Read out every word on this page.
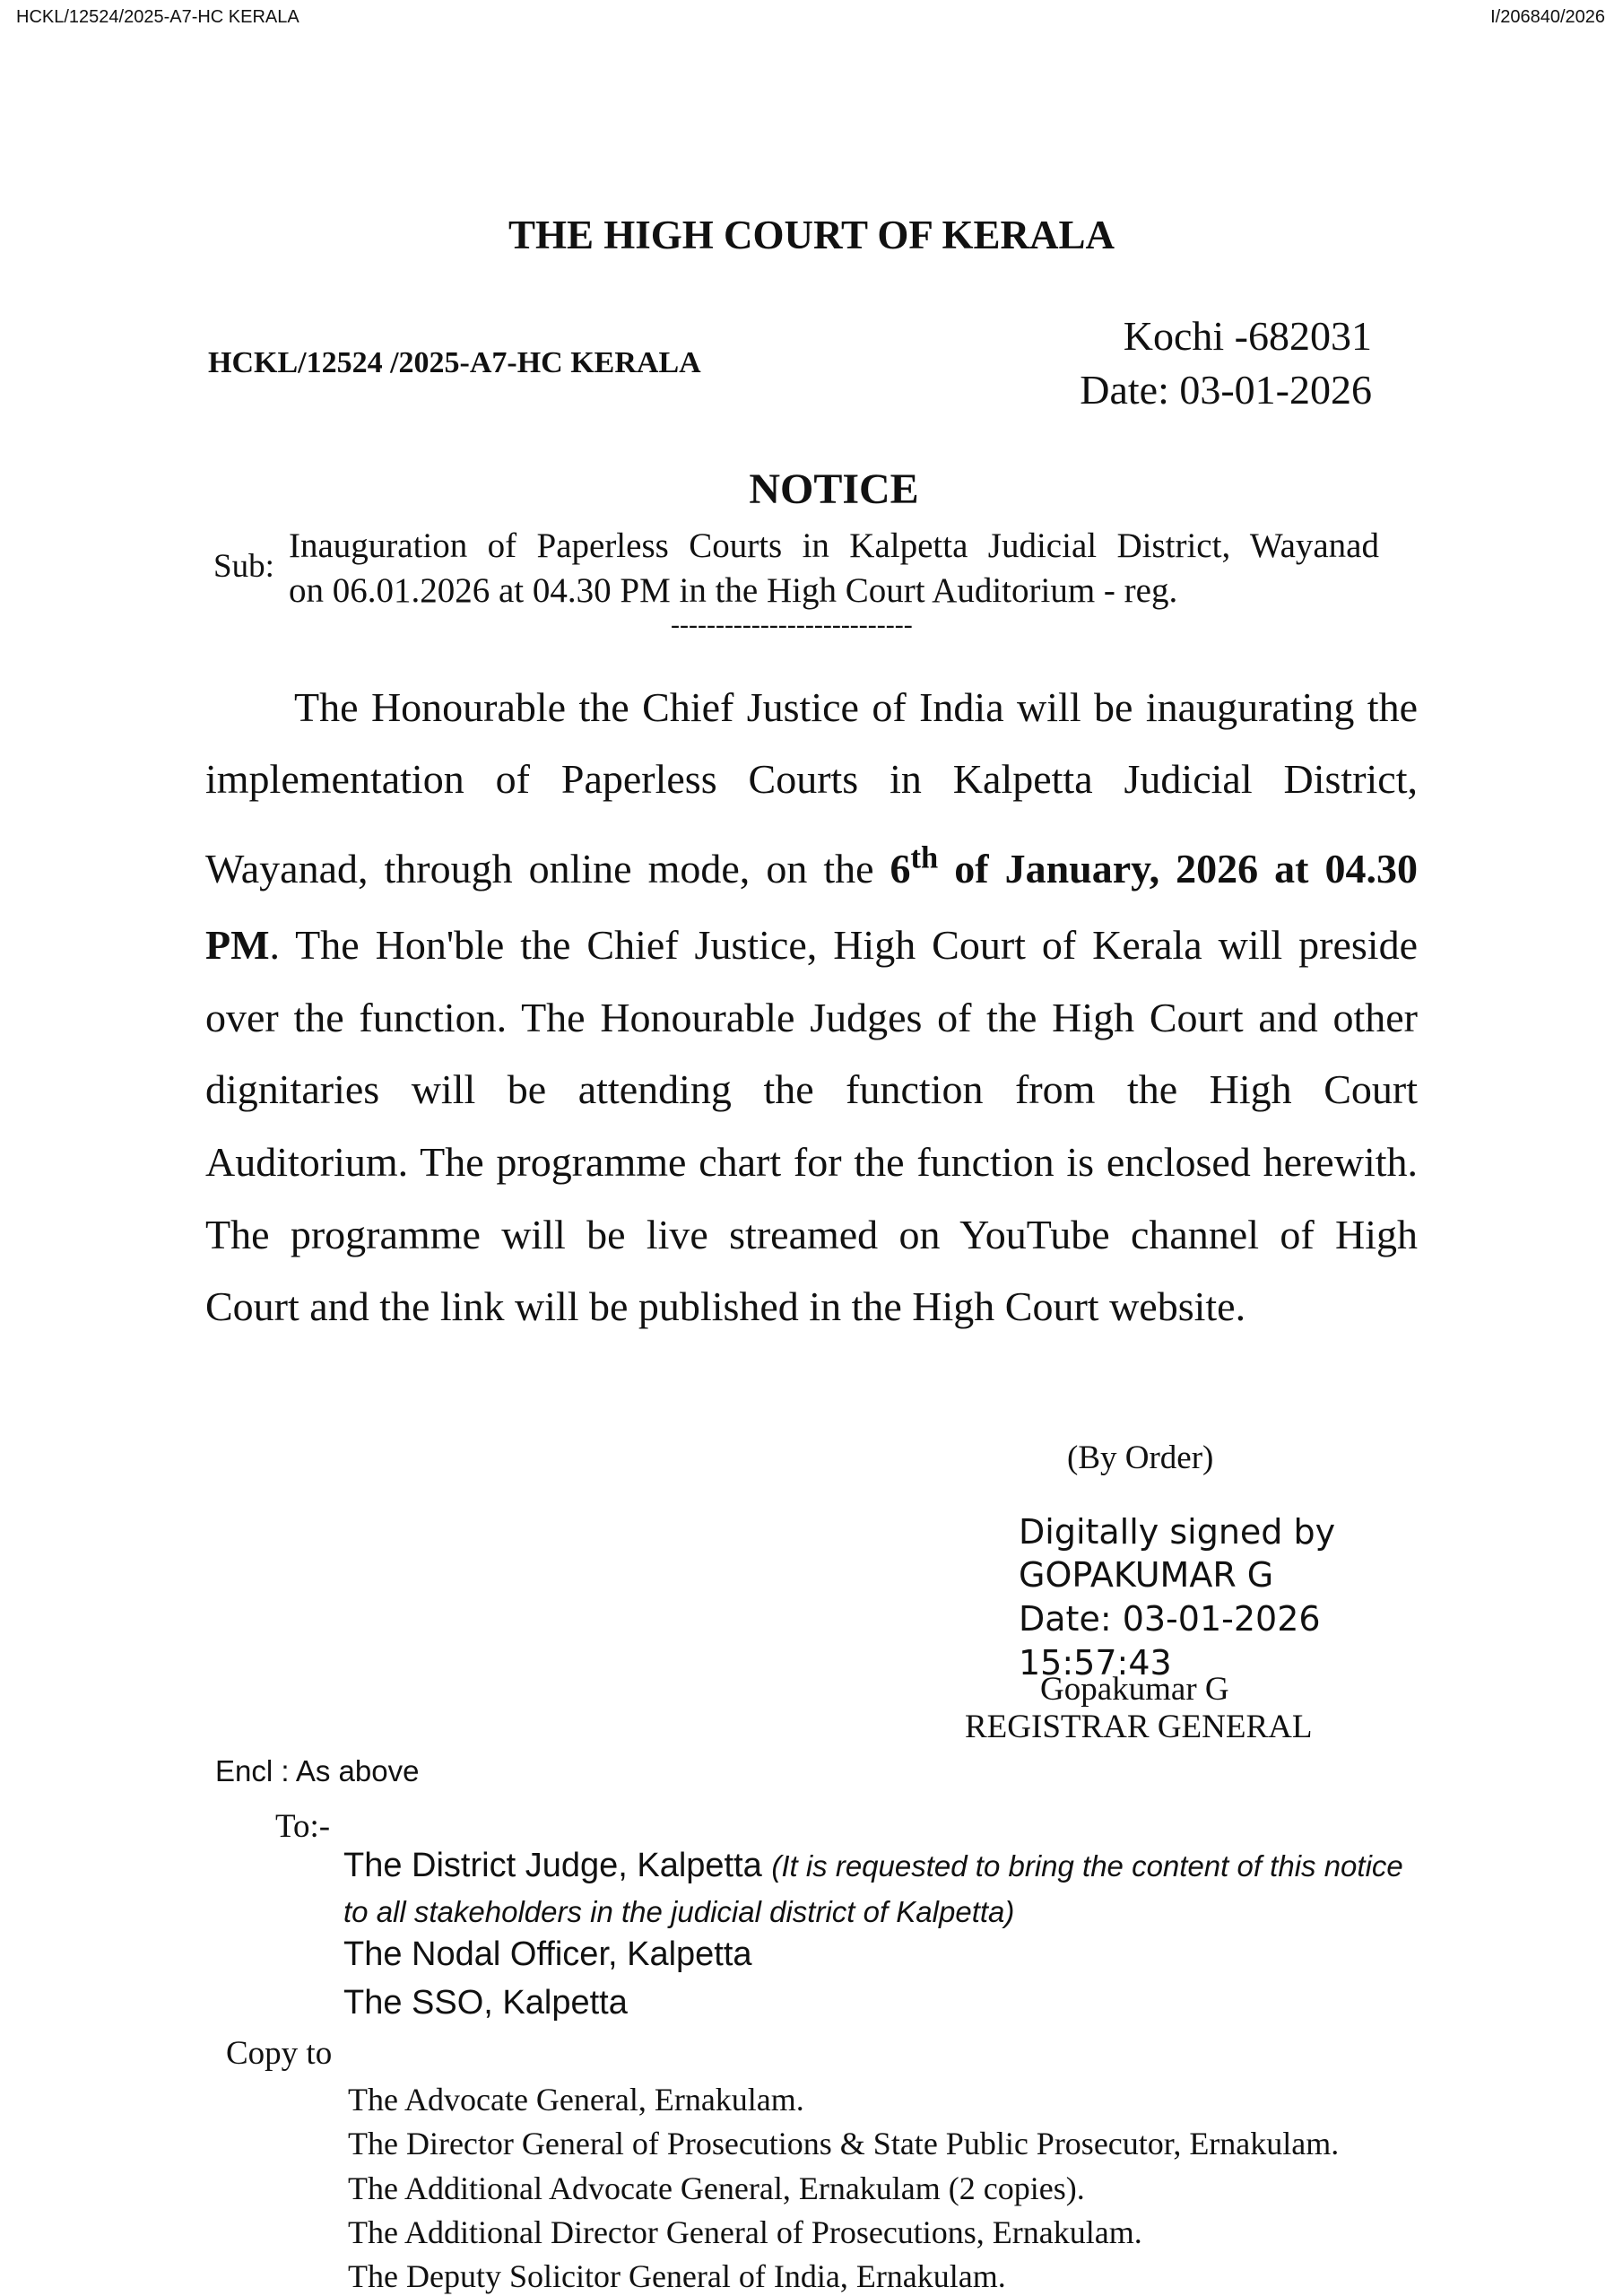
HCKL/12524/2025-A7-HC KERALA	I/206840/2026
THE HIGH COURT OF KERALA
HCKL/12524 /2025-A7-HC KERALA
Kochi -682031
Date: 03-01-2026
NOTICE
Sub:
Inauguration of Paperless Courts in Kalpetta Judicial District, Wayanad
on 06.01.2026 at 04.30 PM in the High Court Auditorium - reg.
---------------------------
The Honourable the Chief Justice of India will be inaugurating the
implementation of Paperless Courts in Kalpetta Judicial District,
Wayanad, through online mode, on the 6th of January, 2026 at 04.30
PM. The Hon'ble the Chief Justice, High Court of Kerala will preside
over the function. The Honourable Judges of the High Court and other
dignitaries will be attending the function from the High Court
Auditorium. The programme chart for the function is enclosed herewith.
The programme will be live streamed on YouTube channel of High
Court and the link will be published in the High Court website.
(By Order)
Digitally signed by
GOPAKUMAR G
Date: 03-01-2026
15:57:43
Gopakumar G
REGISTRAR GENERAL
Encl : As above
To:-
The District Judge, Kalpetta (It is requested to bring the content of this notice
to all stakeholders in the judicial district of Kalpetta)
The Nodal Officer, Kalpetta
The SSO, Kalpetta
Copy to
The Advocate General, Ernakulam.
The Director General of Prosecutions & State Public Prosecutor, Ernakulam.
The Additional Advocate General, Ernakulam (2 copies).
The Additional Director General of Prosecutions, Ernakulam.
The Deputy Solicitor General of India, Ernakulam.
